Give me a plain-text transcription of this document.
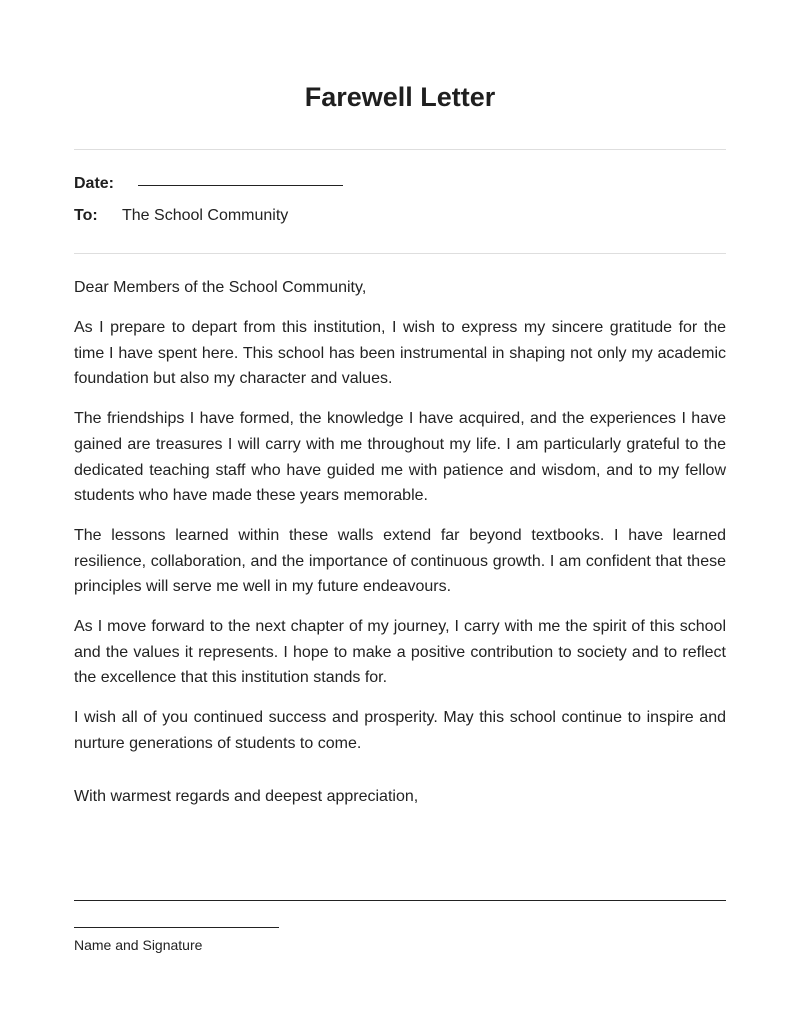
Farewell Letter
Date:
To:	The School Community

Dear Members of the School Community,

As I prepare to depart from this institution, I wish to express my sincere gratitude for the time I have spent here. This school has been instrumental in shaping not only my academic foundation but also my character and values.

The friendships I have formed, the knowledge I have acquired, and the experiences I have gained are treasures I will carry with me throughout my life. I am particularly grateful to the dedicated teaching staff who have guided me with patience and wisdom, and to my fellow students who have made these years memorable.

The lessons learned within these walls extend far beyond textbooks. I have learned resilience, collaboration, and the importance of continuous growth. I am confident that these principles will serve me well in my future endeavours.

As I move forward to the next chapter of my journey, I carry with me the spirit of this school and the values it represents. I hope to make a positive contribution to society and to reflect the excellence that this institution stands for.

I wish all of you continued success and prosperity. May this school continue to inspire and nurture generations of students to come.

With warmest regards and deepest appreciation,

Name and Signature
